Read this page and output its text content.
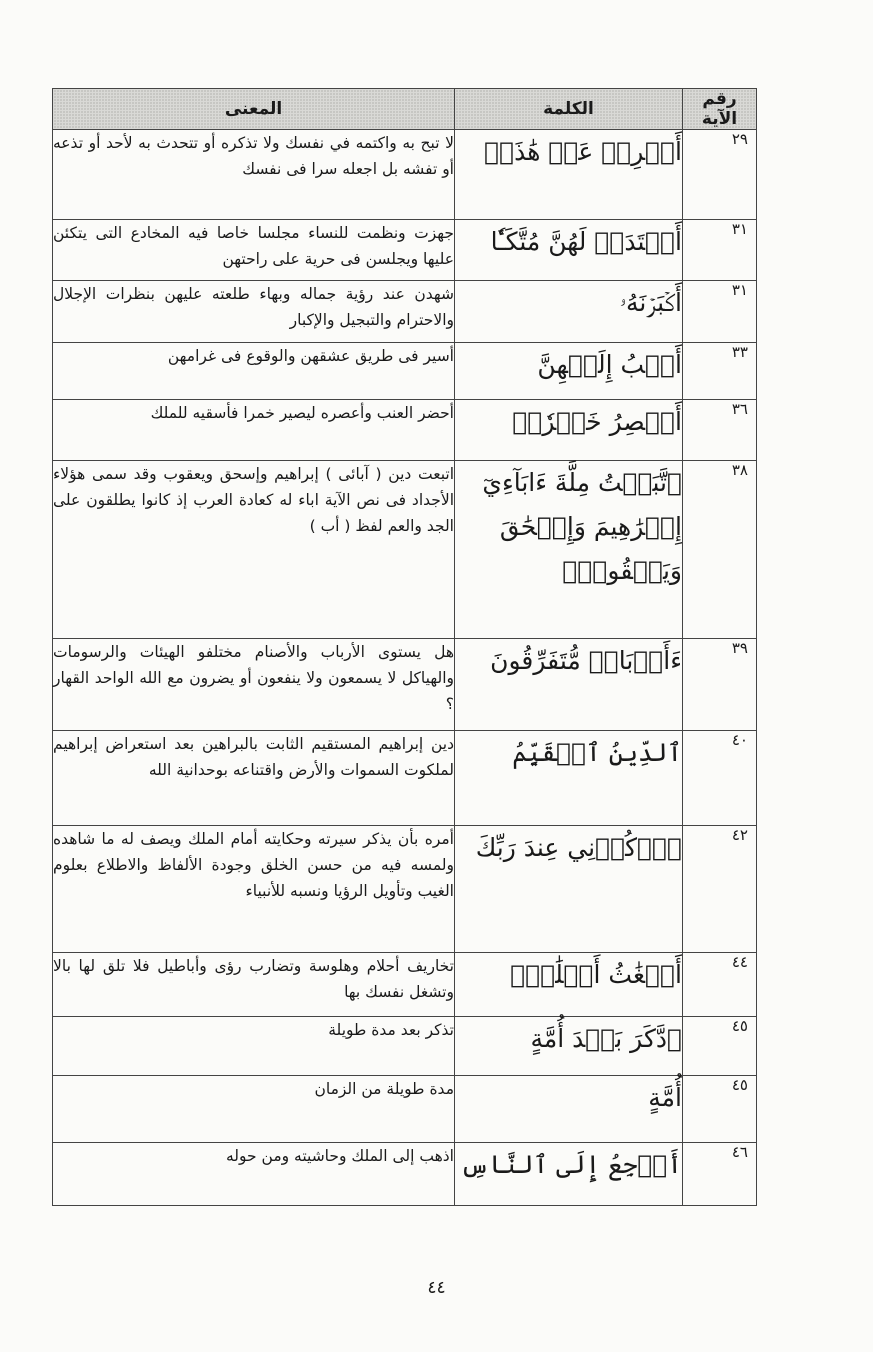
رقم الآية	الكلمة	المعنى

٢٩	أَعۡرِضۡ عَنۡ هَٰذَاۚ	لا تبح به واكتمه في نفسك ولا تذكره أو تتحدث به لأحد أو تذعه أو تفشه بل اجعله سرا فى نفسك

٣١	أَعۡتَدَتۡ لَهُنَّ مُتَّكَـٔٗا	جهزت ونظمت للنساء مجلسا خاصا فيه المخادع التى يتكئن عليها ويجلسن فى حرية على راحتهن

٣١	أَكۡبَرۡنَهُۥ	شهدن عند رؤية جماله وبهاء طلعته عليهن بنظرات الإجلال والاحترام والتبجيل والإكبار

٣٣	أَصۡبُ إِلَيۡهِنَّ	أسير فى طريق عشقهن والوقوع فى غرامهن

٣٦	أَعۡصِرُ خَمۡرٗاۖ	أحضر العنب وأعصره ليصير خمرا فأسقيه للملك

٣٨	ٱتَّبَعۡتُ مِلَّةَ ءَابَآءِيٓ إِبۡرَٰهِيمَ وَإِسۡحَٰقَ وَيَعۡقُوبَۚ	اتبعت دين ( آبائى ) إبراهيم وإسحق ويعقوب وقد سمى هؤلاء الأجداد فى نص الآية اباء له كعادة العرب إذ كانوا يطلقون على الجد والعم لفظ ( أب )

٣٩	ءَأَرۡبَابٞ مُّتَفَرِّقُونَ	هل يستوى الأرباب والأصنام مختلفو الهيئات والرسومات والهياكل لا يسمعون ولا ينفعون أو يضرون مع الله الواحد القهار ؟

٤٠	ٱلدِّينُ ٱلۡقَيِّمُ	دين إبراهيم المستقيم الثابت بالبراهين بعد استعراض إبراهيم لملكوت السموات والأرض واقتناعه بوحدانية الله

٤٢	ٱذۡكُرۡنِي عِندَ رَبِّكَ	أمره بأن يذكر سيرته وحكايته أمام الملك ويصف له ما شاهده ولمسه فيه من حسن الخلق وجودة الألفاظ والاطلاع بعلوم الغيب وتأويل الرؤيا ونسبه للأنبياء

٤٤	أَضۡغَٰثُ أَحۡلَٰمٖۖ	تخاريف أحلام وهلوسة وتضارب رؤى وأباطيل فلا تلق لها بالا وتشغل نفسك بها

٤٥	ٱدَّكَرَ بَعۡدَ أُمَّةٍ	تذكر بعد مدة طويلة

٤٥	أُمَّةٍ	مدة طويلة من الزمان

٤٦	أَرۡجِعُ إِلَى ٱلنَّاسِ	اذهب إلى الملك وحاشيته ومن حوله
٤٤
